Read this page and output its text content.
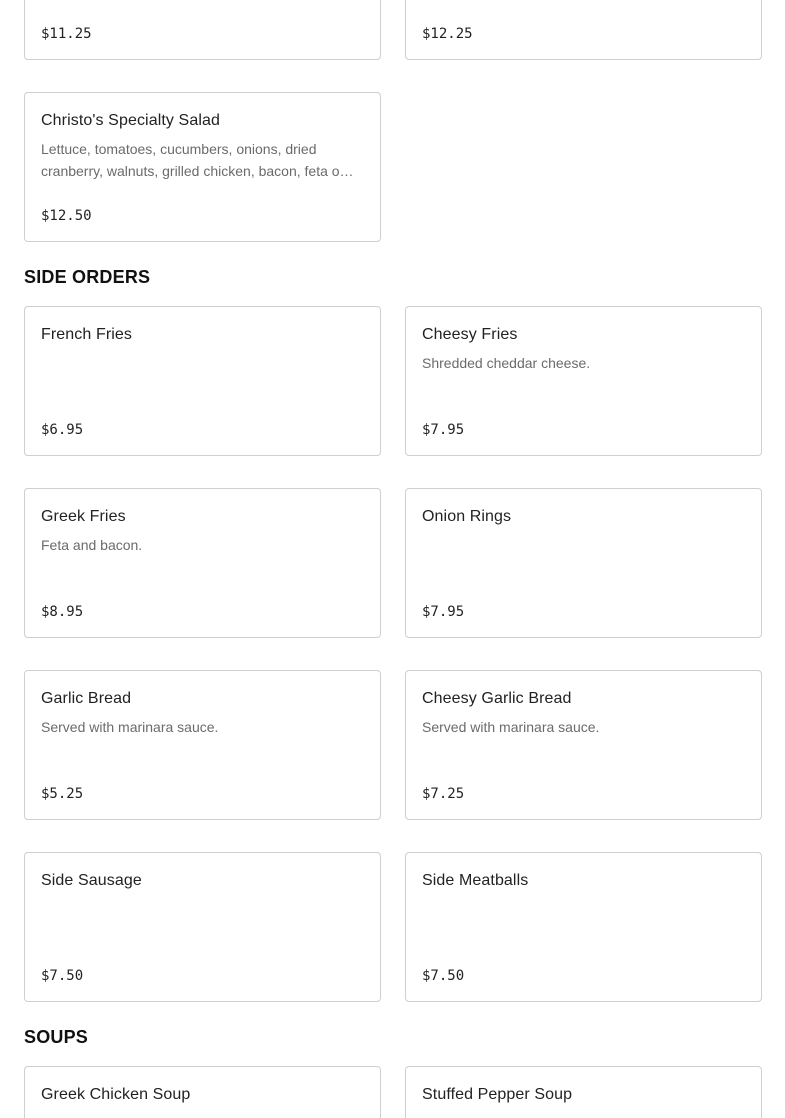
$11.25	$12.25
Christo's Specialty Salad
Lettuce, tomatoes, cucumbers, onions, dried cranberry, walnuts, grilled chicken, bacon, feta o…
$12.50
SIDE ORDERS
French Fries
$6.95
Cheesy Fries
Shredded cheddar cheese.
$7.95
Greek Fries
Feta and bacon.
$8.95
Onion Rings
$7.95
Garlic Bread
Served with marinara sauce.
$5.25
Cheesy Garlic Bread
Served with marinara sauce.
$7.25
Side Sausage
$7.50
Side Meatballs
$7.50
SOUPS
Greek Chicken Soup	Stuffed Pepper Soup
